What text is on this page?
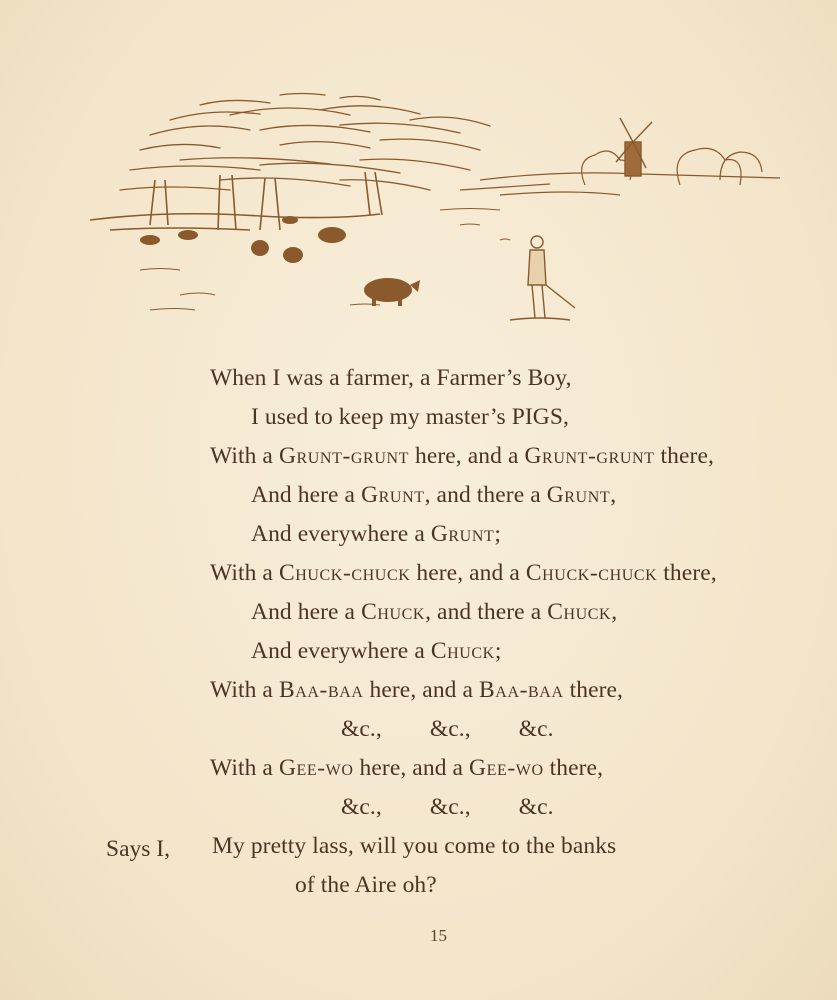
When I was a farmer, a Farmer’s Boy,
I used to keep my master’s PIGS,
With a Grunt-grunt here, and a Grunt-grunt there,
And here a Grunt, and there a Grunt,
And everywhere a Grunt;
With a Chuck-chuck here, and a Chuck-chuck there,
And here a Chuck, and there a Chuck,
And everywhere a Chuck;
With a Baa-baa here, and a Baa-baa there,
&c., &c., &c.
With a Gee-wo here, and a Gee-wo there,
&c., &c., &c.
Says I, My pretty lass, will you come to the banks
of the Aire oh?
15
